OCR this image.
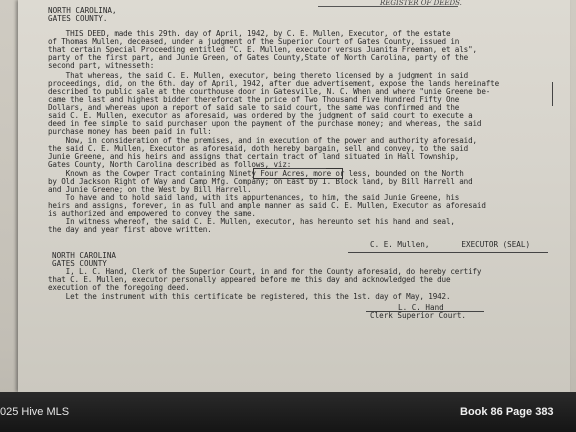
REGISTER OF DEEDS.
NORTH CAROLINA,
GATES COUNTY.
THIS DEED, made this 29th. day of April, 1942, by C. E. Mullen, Executor, of the estate
of Thomas Mullen, deceased, under a judgment of the Superior Court of Gates County, issued in
that certain Special Proceeding entitled "C. E. Mullen, executor versus Juanita Freeman, et als",
party of the first part, and Junie Green, of Gates County,State of North Carolina, party of the
second part, witnesseth:
That whereas, the said C. E. Mullen, executor, being thereto licensed by a judgment in said
proceedings, did, on the 6th. day of April, 1942, after due advertisement, expose the lands hereinafte
described to public sale at the courthouse door in Gatesville, N. C. When and where "unie Greene be-
came the last and highest bidder thereforcat the price of Two Thousand Five Hundred Fifty One
Dollars, and whereas upon a report of said sale to said court, the same was confirmed and the
said C. E. Mullen, executor as aforesaid, was ordered by the judgment of said court to execute a
deed in fee simple to said purchaser upon the payment of the purchase money; and whereas, the said
purchase money has been paid in full:
Now, in consideration of the premises, and in execution of the power and authority aforesaid,
the said C. E. Mullen, Executor as aforesaid, doth hereby bargain, sell and convey, to the said
Junie Greene, and his heirs and assigns that certain tract of land situated in Hall Township,
Gates County, North Carolina described as follows, viz:
Known as the Cowper Tract containing Ninety Four Acres, more or less, bounded on the North
by Old Jackson Right of Way and Camp Mfg. Company; on East by I. Block land, by Bill Harrell and
and Junie Greene; on the West by Bill Harrell.
To have and to hold said land, with its appurtenances, to him, the said Junie Greene, his
heirs and assigns, forever, in as full and ample manner as said C. E. Mullen, Executor as aforesaid
is authorized and empowered to convey the same.
In witness whereof, the said C. E. Mullen, executor, has hereunto set his hand and seal,
the day and year first above written.
C. E. Mullen,       EXECUTOR (SEAL)
NORTH CAROLINA
GATES COUNTY
I, L. C. Hand, Clerk of the Superior Court, in and for the County aforesaid, do hereby certify
that C. E. Mullen, executor personally appeared before me this day and acknowledged the due
execution of the foregoing deed.
Let the instrument with this certificate be registered, this the 1st. day of May, 1942.
L. C. Hand
Clerk Superior Court.
025 Hive MLS	Book 86 Page 383
